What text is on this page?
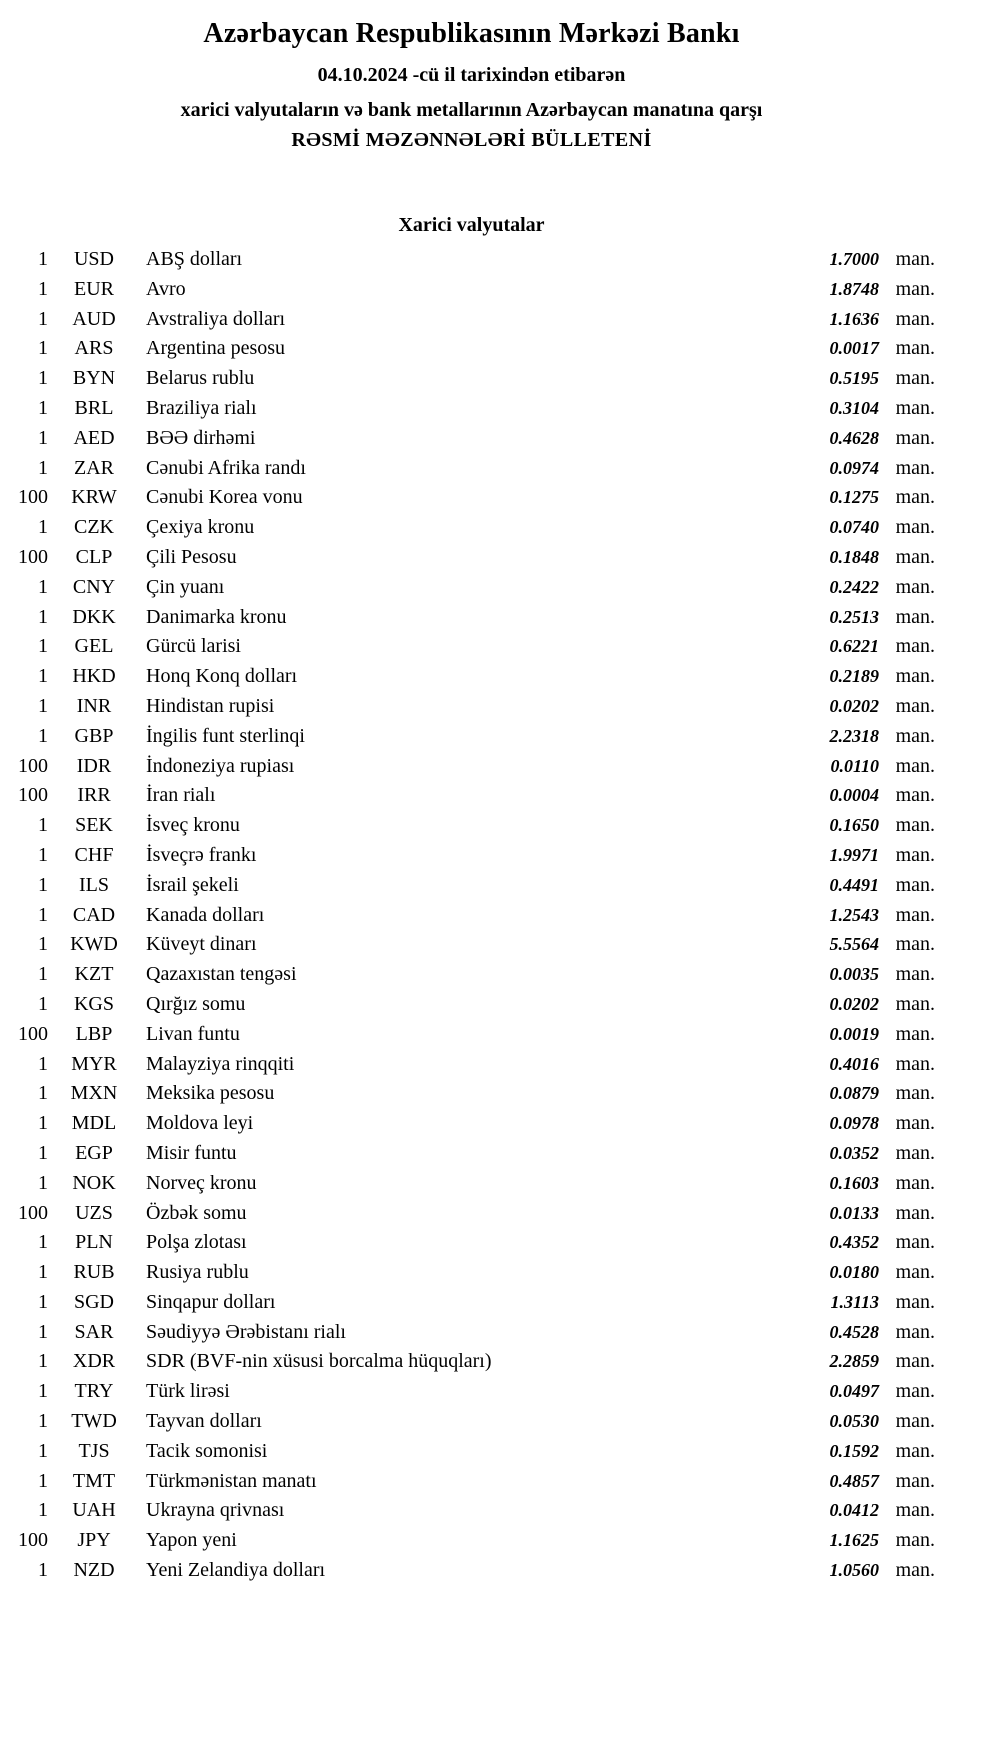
Azərbaycan Respublikasının Mərkəzi Bankı
04.10.2024 -cü il tarixindən etibarən
xarici valyutaların və bank metallarının Azərbaycan manatına qarşı
RƏSMİ MƏZƏNNƏLƏRİ BÜLLETENİ
Xarici valyutalar
1	USD	ABŞ dolları	1.7000 man.
1	EUR	Avro	1.8748 man.
1	AUD	Avstraliya dolları	1.1636 man.
1	ARS	Argentina pesosu	0.0017 man.
1	BYN	Belarus rublu	0.5195 man.
1	BRL	Braziliya rialı	0.3104 man.
1	AED	BƏƏ dirhəmi	0.4628 man.
1	ZAR	Cənubi Afrika randı	0.0974 man.
100	KRW	Cənubi Korea vonu	0.1275 man.
1	CZK	Çexiya kronu	0.0740 man.
100	CLP	Çili Pesosu	0.1848 man.
1	CNY	Çin yuanı	0.2422 man.
1	DKK	Danimarka kronu	0.2513 man.
1	GEL	Gürcü larisi	0.6221 man.
1	HKD	Honq Konq dolları	0.2189 man.
1	INR	Hindistan rupisi	0.0202 man.
1	GBP	İngilis funt sterlinqi	2.2318 man.
100	IDR	İndoneziya rupiası	0.0110 man.
100	IRR	İran rialı	0.0004 man.
1	SEK	İsveç kronu	0.1650 man.
1	CHF	İsveçrə frankı	1.9971 man.
1	ILS	İsrail şekeli	0.4491 man.
1	CAD	Kanada dolları	1.2543 man.
1	KWD	Küveyt dinarı	5.5564 man.
1	KZT	Qazaxıstan tengəsi	0.0035 man.
1	KGS	Qırğız somu	0.0202 man.
100	LBP	Livan funtu	0.0019 man.
1	MYR	Malayziya rinqqiti	0.4016 man.
1	MXN	Meksika pesosu	0.0879 man.
1	MDL	Moldova leyi	0.0978 man.
1	EGP	Misir funtu	0.0352 man.
1	NOK	Norveç kronu	0.1603 man.
100	UZS	Özbək somu	0.0133 man.
1	PLN	Polşa zlotası	0.4352 man.
1	RUB	Rusiya rublu	0.0180 man.
1	SGD	Sinqapur dolları	1.3113 man.
1	SAR	Səudiyyə Ərəbistanı rialı	0.4528 man.
1	XDR	SDR (BVF-nin xüsusi borcalma hüquqları)	2.2859 man.
1	TRY	Türk lirəsi	0.0497 man.
1	TWD	Tayvan dolları	0.0530 man.
1	TJS	Tacik somonisi	0.1592 man.
1	TMT	Türkmənistan manatı	0.4857 man.
1	UAH	Ukrayna qrivnası	0.0412 man.
100	JPY	Yapon yeni	1.1625 man.
1	NZD	Yeni Zelandiya dolları	1.0560 man.
